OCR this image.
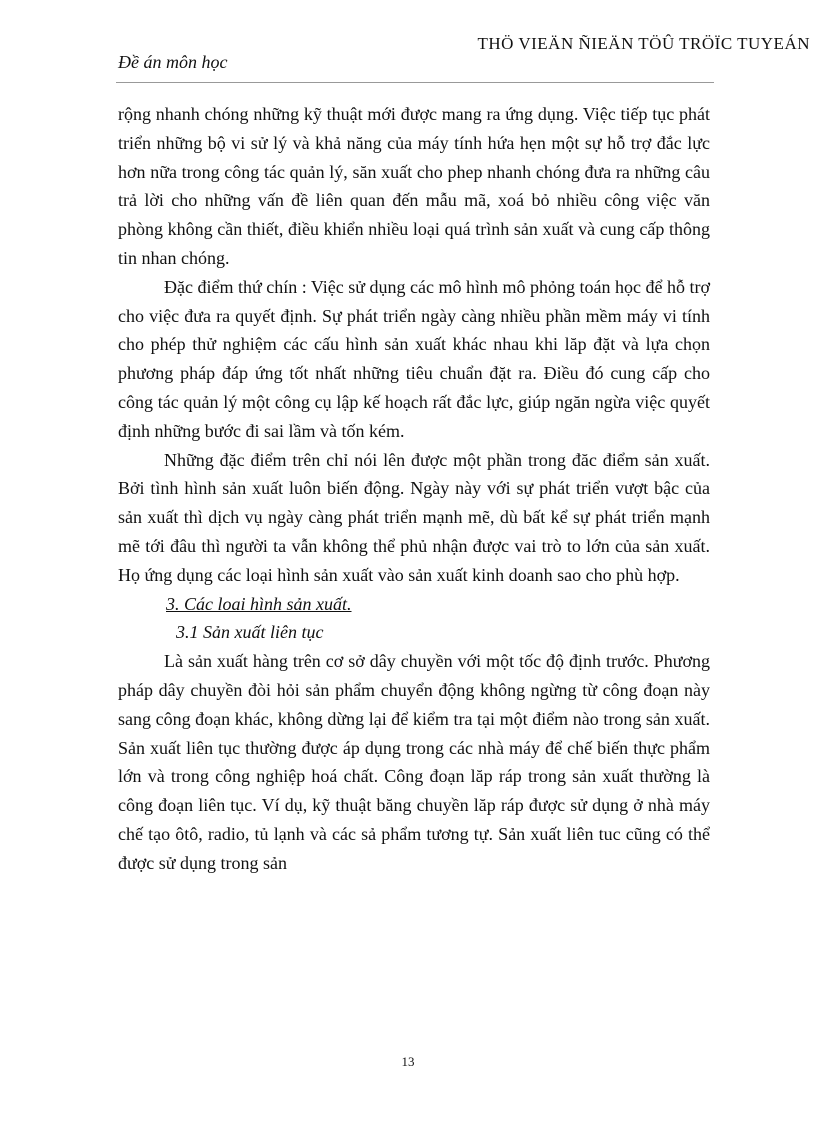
THÖ VIEÄN ÑIEÄN TÖÛ TRÖÏC TUYEÁN
Đề án môn học

rộng nhanh chóng những kỹ thuật mới được mang ra ứng dụng. Việc tiếp tục phát triển những bộ vi sử lý và khả năng của máy tính hứa hẹn một sự hỗ trợ đắc lực hơn nữa trong công tác quản lý, săn xuất cho phep nhanh chóng đưa ra những câu trả lời cho những vấn đề liên quan đến mẫu mã, xoá bỏ nhiều công việc văn phòng không cần thiết, điều khiển nhiều loại quá trình sản xuất và cung cấp thông tin nhan chóng.

Đặc điểm thứ chín : Việc sử dụng các mô hình mô phỏng toán học để hỗ trợ cho việc đưa ra quyết định. Sự phát triển ngày càng nhiều phần mềm máy vi tính cho phép thử nghiệm các cấu hình sản xuất khác nhau khi lăp đặt và lựa chọn phương pháp đáp ứng tốt nhất những tiêu chuẩn đặt ra. Điều đó cung cấp cho công tác quản lý một công cụ lập kế hoạch rất đắc lực, giúp ngăn ngừa việc quyết định những bước đi sai lầm và tốn kém.

Những đặc điểm trên chỉ nói lên được một phần trong đăc điểm sản xuất. Bởi tình hình sản xuất luôn biến động. Ngày này với sự phát triển vượt bậc của sản xuất thì dịch vụ ngày càng phát triển mạnh mẽ, dù bất kể sự phát triển mạnh mẽ tới đâu thì người ta vẫn không thể phủ nhận được vai trò to lớn của sản xuất. Họ ứng dụng các loại hình sản xuất vào sản xuất kinh doanh sao cho phù hợp.

3. Các loai hình sản xuất.

3.1 Sản xuất liên tục

Là sản xuất hàng trên cơ sở dây chuyền với một tốc độ định trước. Phương pháp dây chuyền đòi hỏi sản phẩm chuyển động không ngừng từ công đoạn này sang công đoạn khác, không dừng lại để kiểm tra tại một điểm nào trong sản xuất. Sản xuất liên tục thường được áp dụng trong các nhà máy để chế biến thực phẩm lớn và trong công nghiệp hoá chất. Công đoạn lăp ráp trong sản xuất thường là công đoạn liên tục. Ví dụ, kỹ thuật băng chuyền lăp ráp được sử dụng ở nhà máy chế tạo ôtô, radio, tủ lạnh và các sả phẩm tương tự. Sản xuất liên tuc cũng có thể được sử dụng trong sản

13
